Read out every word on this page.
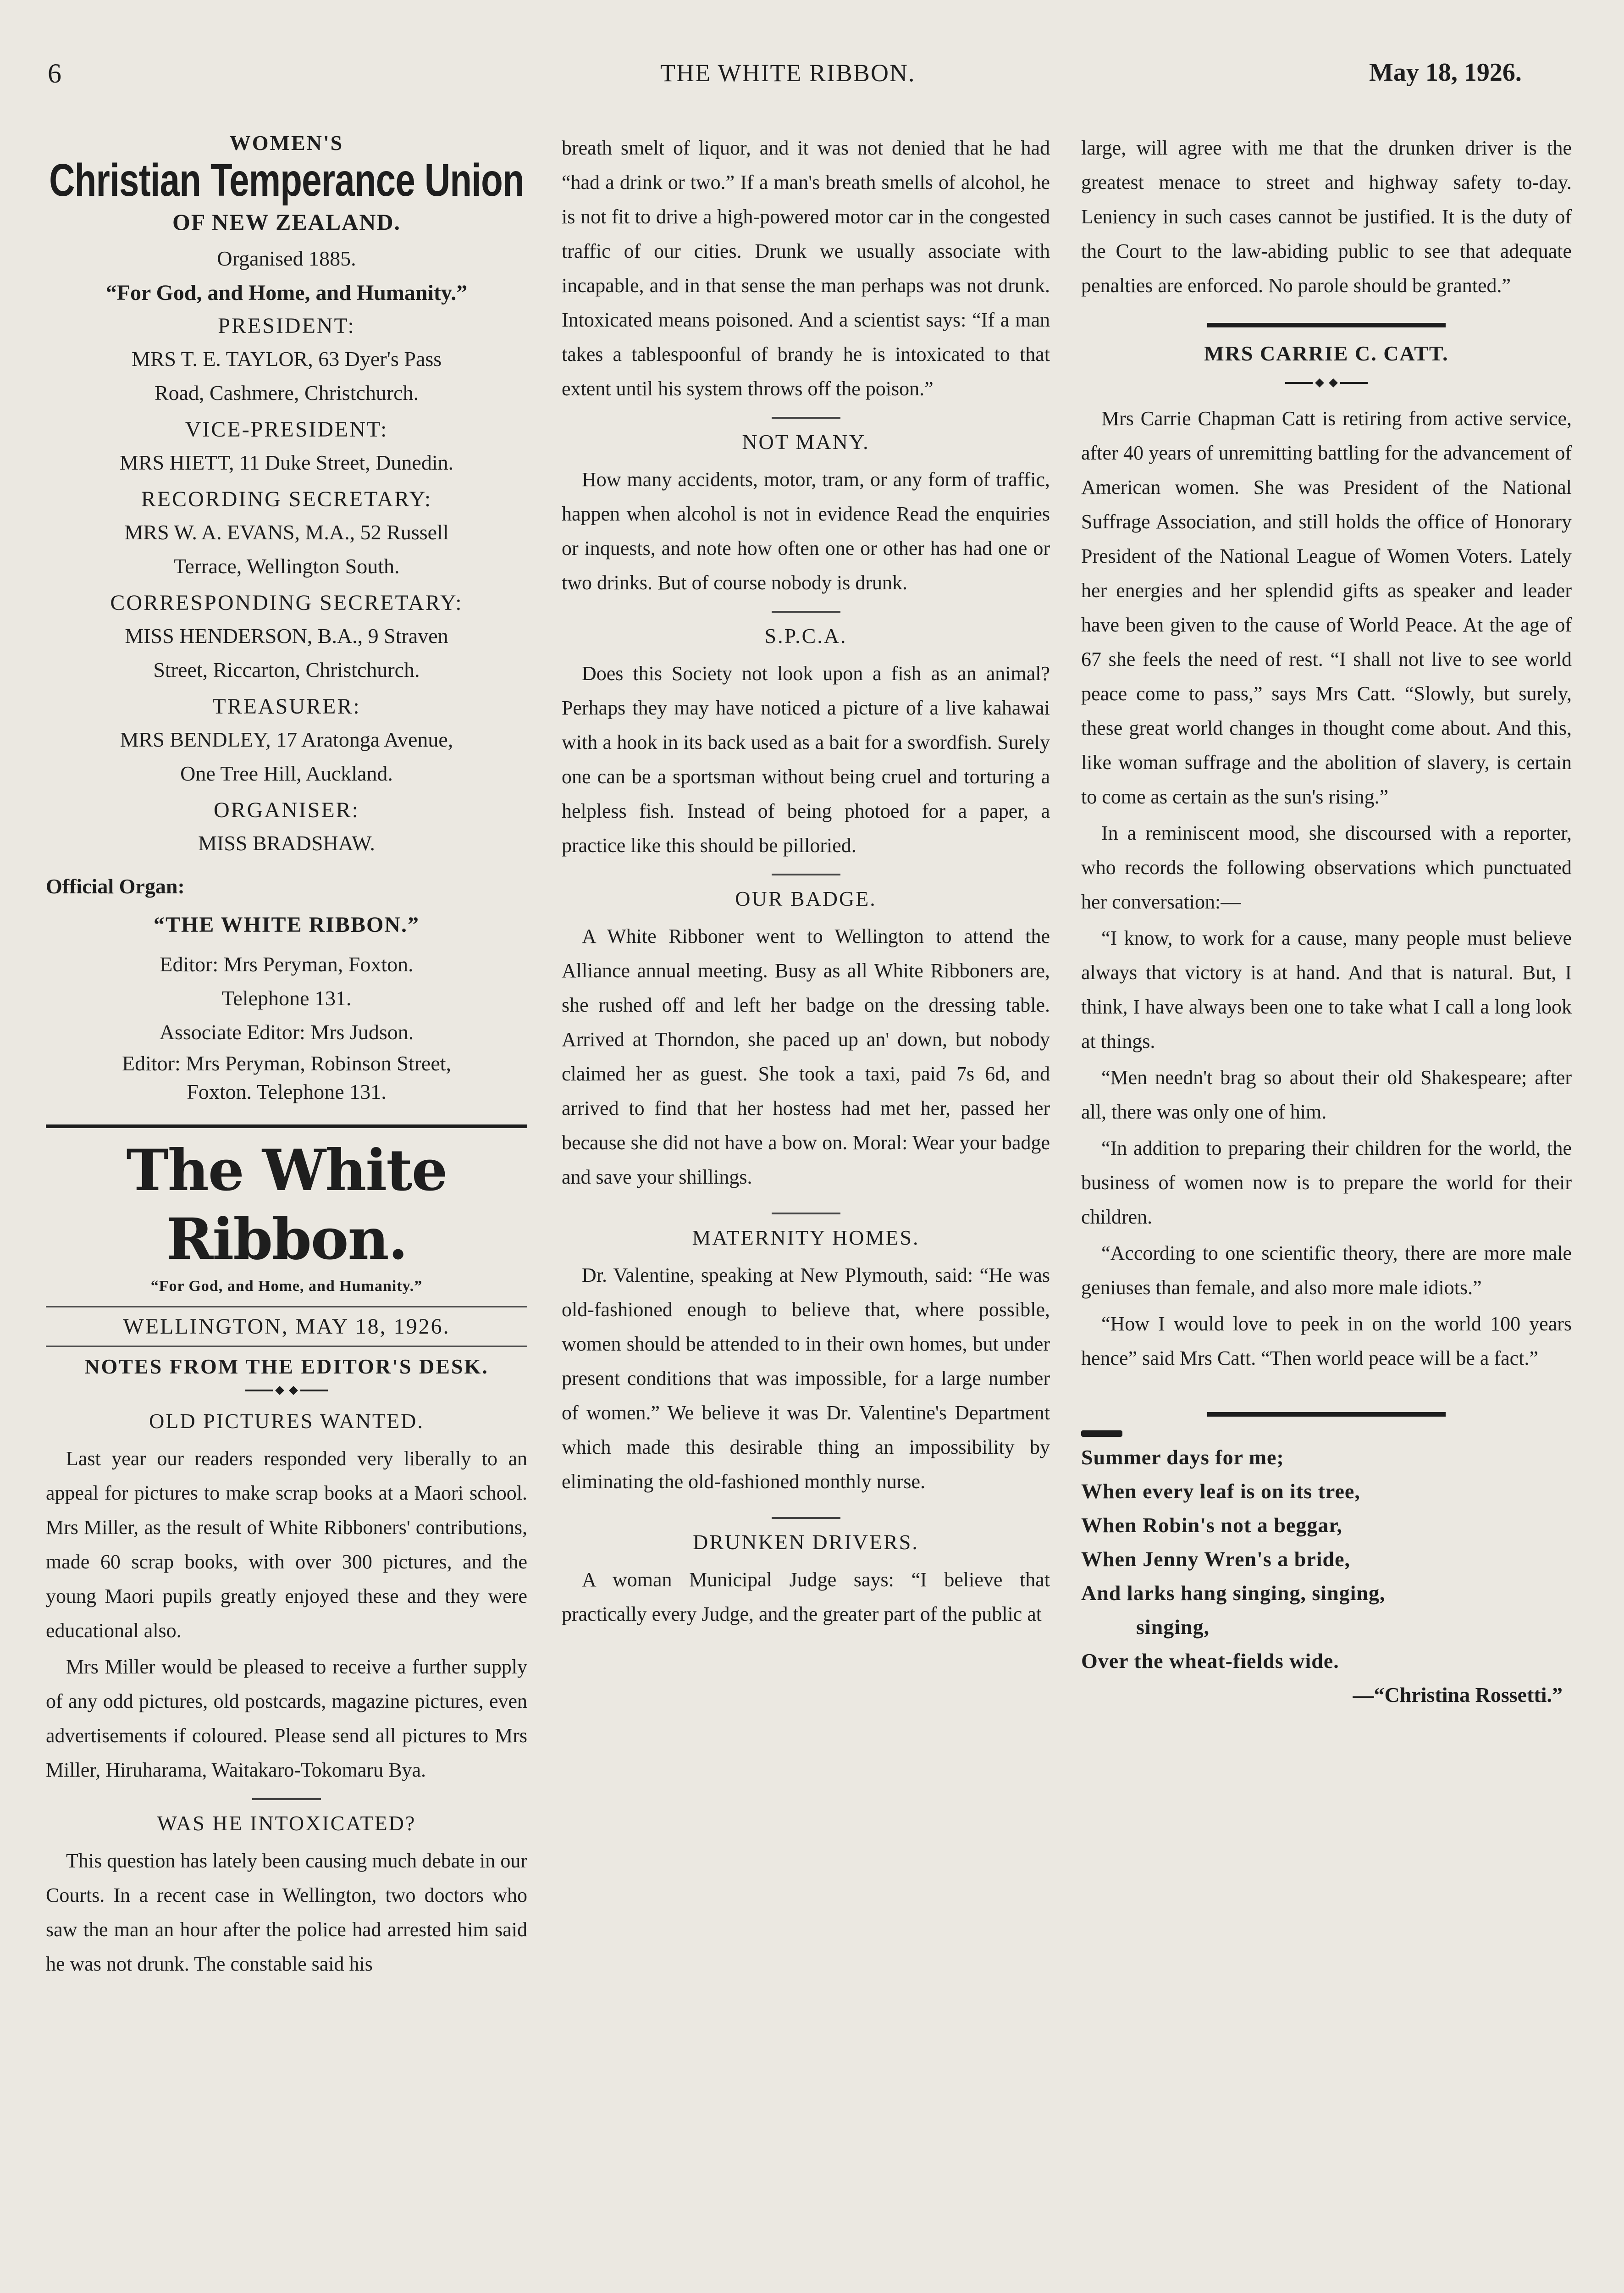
6	THE WHITE RIBBON.	May 18, 1926.
WOMEN'S
Christian Temperance Union
OF NEW ZEALAND.
Organised 1885.
“For God, and Home, and Humanity.”
PRESIDENT:
MRS T. E. TAYLOR, 63 Dyer's Pass
Road, Cashmere, Christchurch.
VICE-PRESIDENT:
MRS HIETT, 11 Duke Street, Dunedin.
RECORDING SECRETARY:
MRS W. A. EVANS, M.A., 52 Russell
Terrace, Wellington South.
CORRESPONDING SECRETARY:
MISS HENDERSON, B.A., 9 Straven
Street, Riccarton, Christchurch.
TREASURER:
MRS BENDLEY, 17 Aratonga Avenue,
One Tree Hill, Auckland.
ORGANISER:
MISS BRADSHAW.
Official Organ:
“THE WHITE RIBBON.”
Editor: Mrs Peryman, Foxton.
Telephone 131.
Associate Editor: Mrs Judson.
Editor: Mrs Peryman, Robinson Street,
Foxton. Telephone 131.
The White Ribbon.
“For God, and Home, and Humanity.”
WELLINGTON, MAY 18, 1926.
NOTES FROM THE EDITOR'S DESK.
OLD PICTURES WANTED.

Last year our readers responded very liberally to an appeal for pictures to make scrap books at a Maori school. Mrs Miller, as the result of White Ribboners' contributions, made 60 scrap books, with over 300 pictures, and the young Maori pupils greatly enjoyed these and they were educational also.

Mrs Miller would be pleased to receive a further supply of any odd pictures, old postcards, magazine pictures, even advertisements if coloured. Please send all pictures to Mrs Miller, Hiruharama, Waitakaro-Tokomaru Bya.

WAS HE INTOXICATED?

This question has lately been causing much debate in our Courts. In a recent case in Wellington, two doctors who saw the man an hour after the police had arrested him said he was not drunk. The constable said his

breath smelt of liquor, and it was not denied that he had “had a drink or two.” If a man's breath smells of alcohol, he is not fit to drive a high-powered motor car in the congested traffic of our cities. Drunk we usually associate with incapable, and in that sense the man perhaps was not drunk. Intoxicated means poisoned. And a scientist says: “If a man takes a tablespoonful of brandy he is intoxicated to that extent until his system throws off the poison.”

NOT MANY.

How many accidents, motor, tram, or any form of traffic, happen when alcohol is not in evidence Read the enquiries or inquests, and note how often one or other has had one or two drinks. But of course nobody is drunk.

S.P.C.A.

Does this Society not look upon a fish as an animal? Perhaps they may have noticed a picture of a live kahawai with a hook in its back used as a bait for a swordfish. Surely one can be a sportsman without being cruel and torturing a helpless fish. Instead of being photoed for a paper, a practice like this should be pilloried.

OUR BADGE.

A White Ribboner went to Wellington to attend the Alliance annual meeting. Busy as all White Ribboners are, she rushed off and left her badge on the dressing table. Arrived at Thorndon, she paced up an' down, but nobody claimed her as guest. She took a taxi, paid 7s 6d, and arrived to find that her hostess had met her, passed her because she did not have a bow on. Moral: Wear your badge and save your shillings.

MATERNITY HOMES.

Dr. Valentine, speaking at New Plymouth, said: “He was old-fashioned enough to believe that, where possible, women should be attended to in their own homes, but under present conditions that was impossible, for a large number of women.” We believe it was Dr. Valentine's Department which made this desirable thing an impossibility by eliminating the old-fashioned monthly nurse.

DRUNKEN DRIVERS.

A woman Municipal Judge says: “I believe that practically every Judge, and the greater part of the public at

large, will agree with me that the drunken driver is the greatest menace to street and highway safety to-day. Leniency in such cases cannot be justified. It is the duty of the Court to the law-abiding public to see that adequate penalties are enforced. No parole should be granted.”

MRS CARRIE C. CATT.

Mrs Carrie Chapman Catt is retiring from active service, after 40 years of unremitting battling for the advancement of American women. She was President of the National Suffrage Association, and still holds the office of Honorary President of the National League of Women Voters. Lately her energies and her splendid gifts as speaker and leader have been given to the cause of World Peace. At the age of 67 she feels the need of rest. “I shall not live to see world peace come to pass,” says Mrs Catt. “Slowly, but surely, these great world changes in thought come about. And this, like woman suffrage and the abolition of slavery, is certain to come as certain as the sun's rising.”

In a reminiscent mood, she discoursed with a reporter, who records the following observations which punctuated her conversation:—

“I know, to work for a cause, many people must believe always that victory is at hand. And that is natural. But, I think, I have always been one to take what I call a long look at things.

“Men needn't brag so about their old Shakespeare; after all, there was only one of him.

“In addition to preparing their children for the world, the business of women now is to prepare the world for their children.

“According to one scientific theory, there are more male geniuses than female, and also more male idiots.”

“How I would love to peek in on the world 100 years hence” said Mrs Catt. “Then world peace will be a fact.”

Summer days for me;
When every leaf is on its tree,
When Robin's not a beggar,
When Jenny Wren's a bride,
And larks hang singing, singing,
singing,
Over the wheat-fields wide.
—“Christina Rossetti.”
